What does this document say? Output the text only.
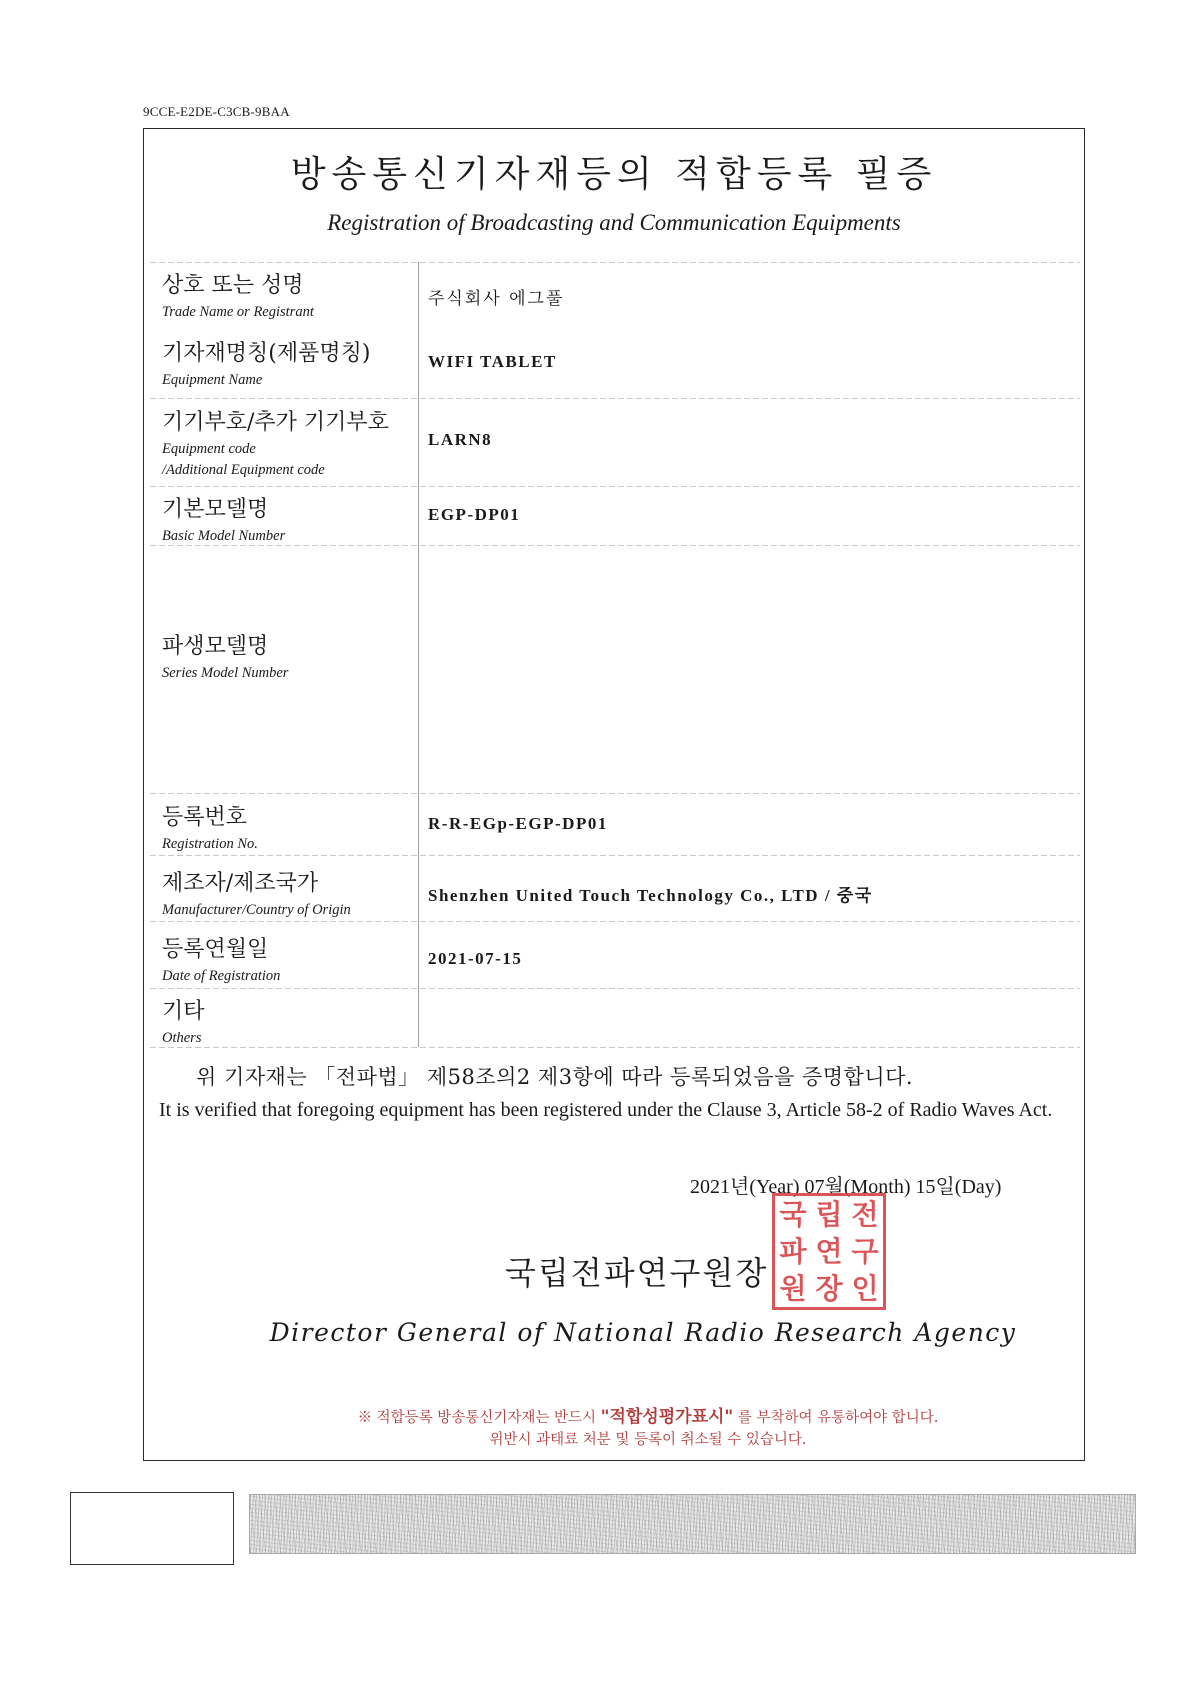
9CCE-E2DE-C3CB-9BAA
방송통신기자재등의 적합등록 필증
Registration of Broadcasting and Communication Equipments
상호 또는 성명
Trade Name or Registrant
주식회사 에그풀
기자재명칭(제품명칭)
Equipment Name
WIFI TABLET
기기부호/추가 기기부호
Equipment code
/Additional Equipment code
LARN8
기본모델명
Basic Model Number
EGP-DP01
파생모델명
Series Model Number
등록번호
Registration No.
R-R-EGp-EGP-DP01
제조자/제조국가
Manufacturer/Country of Origin
Shenzhen United Touch Technology Co., LTD / 중국
등록연월일
Date of Registration
2021-07-15
기타
Others
위 기자재는 「전파법」 제58조의2 제3항에 따라 등록되었음을 증명합니다.
It is verified that foregoing equipment has been registered under the Clause 3, Article 58-2 of Radio Waves Act.
2021년(Year) 07월(Month) 15일(Day)
국립전파연구원장
국 립 전
파 연 구
원 장 인
Director General of National Radio Research Agency
※ 적합등록 방송통신기자재는 반드시 "적합성평가표시" 를 부착하여 유통하여야 합니다.
위반시 과태료 처분 및 등록이 취소될 수 있습니다.
